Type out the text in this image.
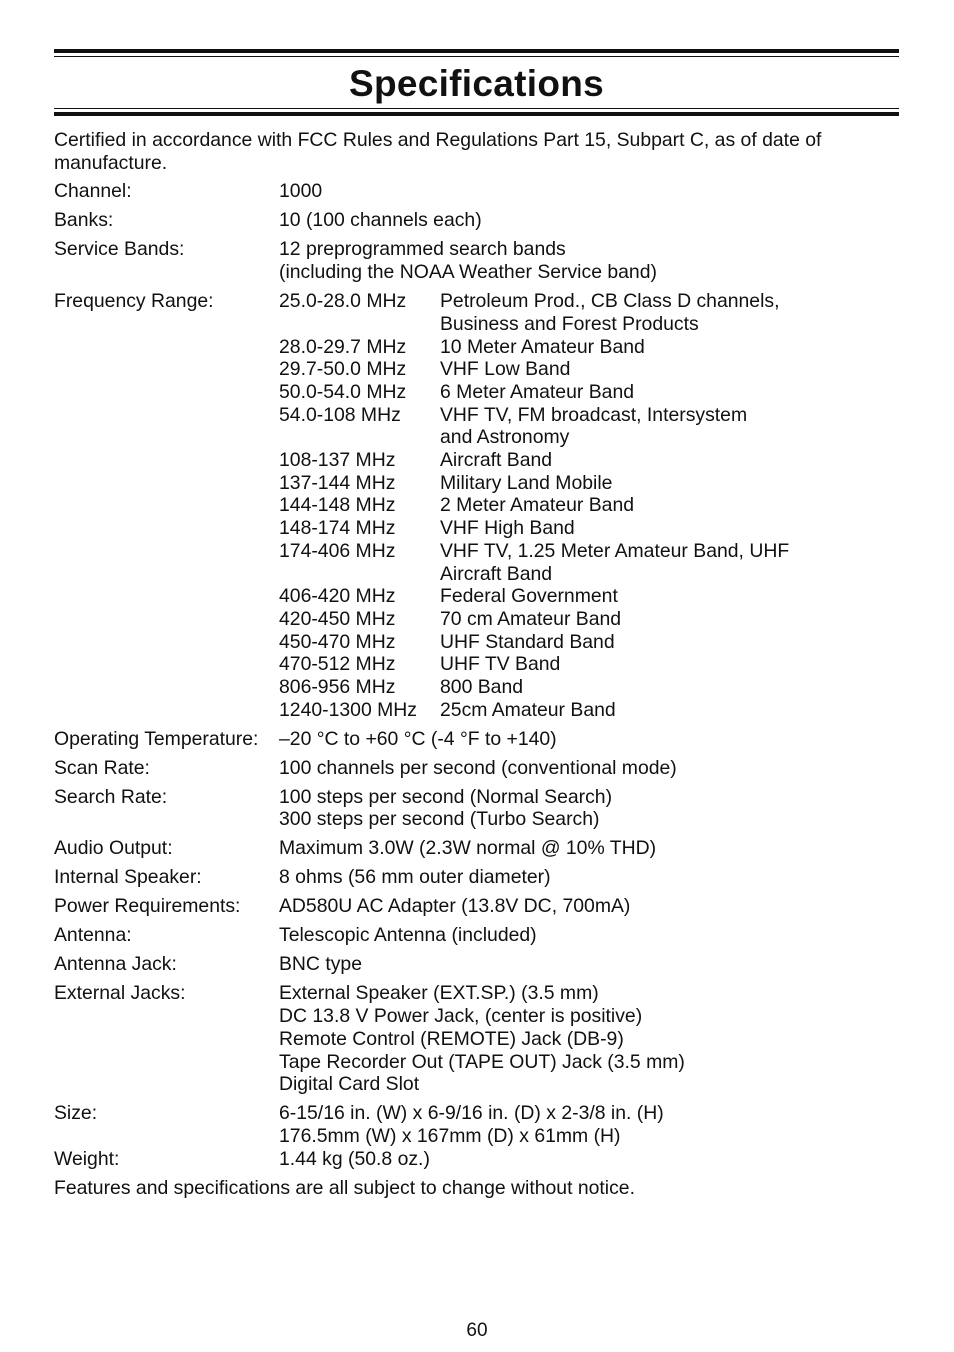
Specifications
Certified in accordance with FCC Rules and Regulations Part 15, Subpart C, as of date of manufacture.
Channel:	1000
Banks:	10 (100 channels each)
Service Bands:	12 preprogrammed search bands
(including the NOAA Weather Service band)
Frequency Range:	25.0-28.0 MHz	Petroleum Prod., CB Class D channels,
Business and Forest Products
28.0-29.7 MHz	10 Meter Amateur Band
29.7-50.0 MHz	VHF Low Band
50.0-54.0 MHz	6 Meter Amateur Band
54.0-108 MHz	VHF TV, FM broadcast, Intersystem
and Astronomy
108-137 MHz	Aircraft Band
137-144 MHz	Military Land Mobile
144-148 MHz	2 Meter Amateur Band
148-174 MHz	VHF High Band
174-406 MHz	VHF TV, 1.25 Meter Amateur Band, UHF
Aircraft Band
406-420 MHz	Federal Government
420-450 MHz	70 cm Amateur Band
450-470 MHz	UHF Standard Band
470-512 MHz	UHF TV Band
806-956 MHz	800 Band
1240-1300 MHz	25cm Amateur Band
Operating Temperature:	–20 °C to +60 °C (-4 °F to +140)
Scan Rate:	100 channels per second (conventional mode)
Search Rate:	100 steps per second (Normal Search)
300 steps per second (Turbo Search)
Audio Output:	Maximum 3.0W (2.3W normal @ 10% THD)
Internal Speaker:	8 ohms (56 mm outer diameter)
Power Requirements:	AD580U AC Adapter (13.8V DC, 700mA)
Antenna:	Telescopic Antenna (included)
Antenna Jack:	BNC type
External Jacks:	External Speaker (EXT.SP.) (3.5 mm)
DC 13.8 V Power Jack, (center is positive)
Remote Control (REMOTE) Jack (DB-9)
Tape Recorder Out (TAPE OUT) Jack (3.5 mm)
Digital Card Slot
Size:	6-15/16 in. (W) x 6-9/16 in. (D) x 2-3/8 in. (H)
176.5mm (W) x 167mm (D) x 61mm (H)
Weight:	1.44 kg (50.8 oz.)
Features and specifications are all subject to change without notice.
60
